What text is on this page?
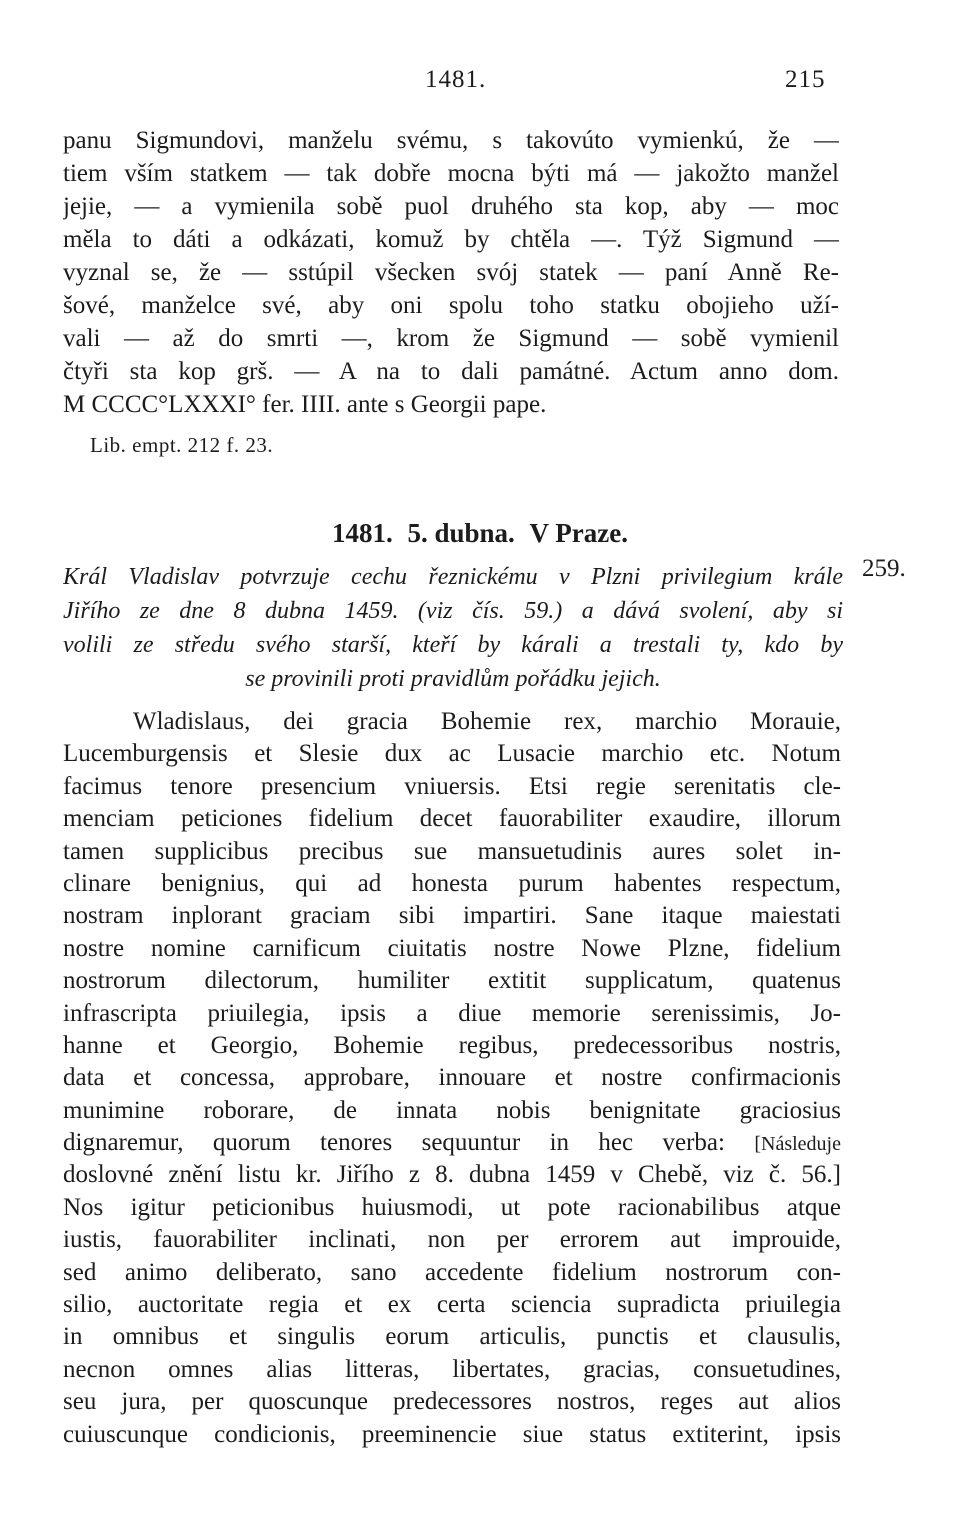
1481.	215
panu Sigmundovi, manželu svému, s takovúto vymienkú, že —
tiem vším statkem — tak dobře mocna býti má — jakožto manžel
jejie, — a vymienila sobě puol druhého sta kop, aby — moc
měla to dáti a odkázati, komuž by chtěla —. Týž Sigmund —
vyznal se, že — sstúpil všecken svój statek — paní Anně Re-
šové, manželce své, aby oni spolu toho statku obojieho uží-
vali — až do smrti —, krom že Sigmund — sobě vymienil
čtyři sta kop grš. — A na to dali památné. Actum anno dom.
M CCCC°LXXXI° fer. IIII. ante s Georgii pape.
Lib. empt. 212 f. 23.
1481. 5. dubna. V Praze.
259.
Král Vladislav potvrzuje cechu řeznickému v Plzni privilegium krále
Jiřího ze dne 8 dubna 1459. (viz čís. 59.) a dává svolení, aby si
volili ze středu svého starší, kteří by kárali a trestali ty, kdo by
se provinili proti pravidlům pořádku jejich.
Wladislaus, dei gracia Bohemie rex, marchio Morauie,
Lucemburgensis et Slesie dux ac Lusacie marchio etc. Notum
facimus tenore presencium vniuersis. Etsi regie serenitatis cle-
menciam peticiones fidelium decet fauorabiliter exaudire, illorum
tamen supplicibus precibus sue mansuetudinis aures solet in-
clinare benignius, qui ad honesta purum habentes respectum,
nostram inplorant graciam sibi impartiri. Sane itaque maiestati
nostre nomine carnificum ciuitatis nostre Nowe Plzne, fidelium
nostrorum dilectorum, humiliter extitit supplicatum, quatenus
infrascripta priuilegia, ipsis a diue memorie serenissimis, Jo-
hanne et Georgio, Bohemie regibus, predecessoribus nostris,
data et concessa, approbare, innouare et nostre confirmacionis
munimine roborare, de innata nobis benignitate graciosius
dignaremur, quorum tenores sequuntur in hec verba: [Následuje
doslovné znění listu kr. Jiřího z 8. dubna 1459 v Chebě, viz č. 56.]
Nos igitur peticionibus huiusmodi, ut pote racionabilibus atque
iustis, fauorabiliter inclinati, non per errorem aut improuide,
sed animo deliberato, sano accedente fidelium nostrorum con-
silio, auctoritate regia et ex certa sciencia supradicta priuilegia
in omnibus et singulis eorum articulis, punctis et clausulis,
necnon omnes alias litteras, libertates, gracias, consuetudines,
seu jura, per quoscunque predecessores nostros, reges aut alios
cuiuscunque condicionis, preeminencie siue status extiterint, ipsis
